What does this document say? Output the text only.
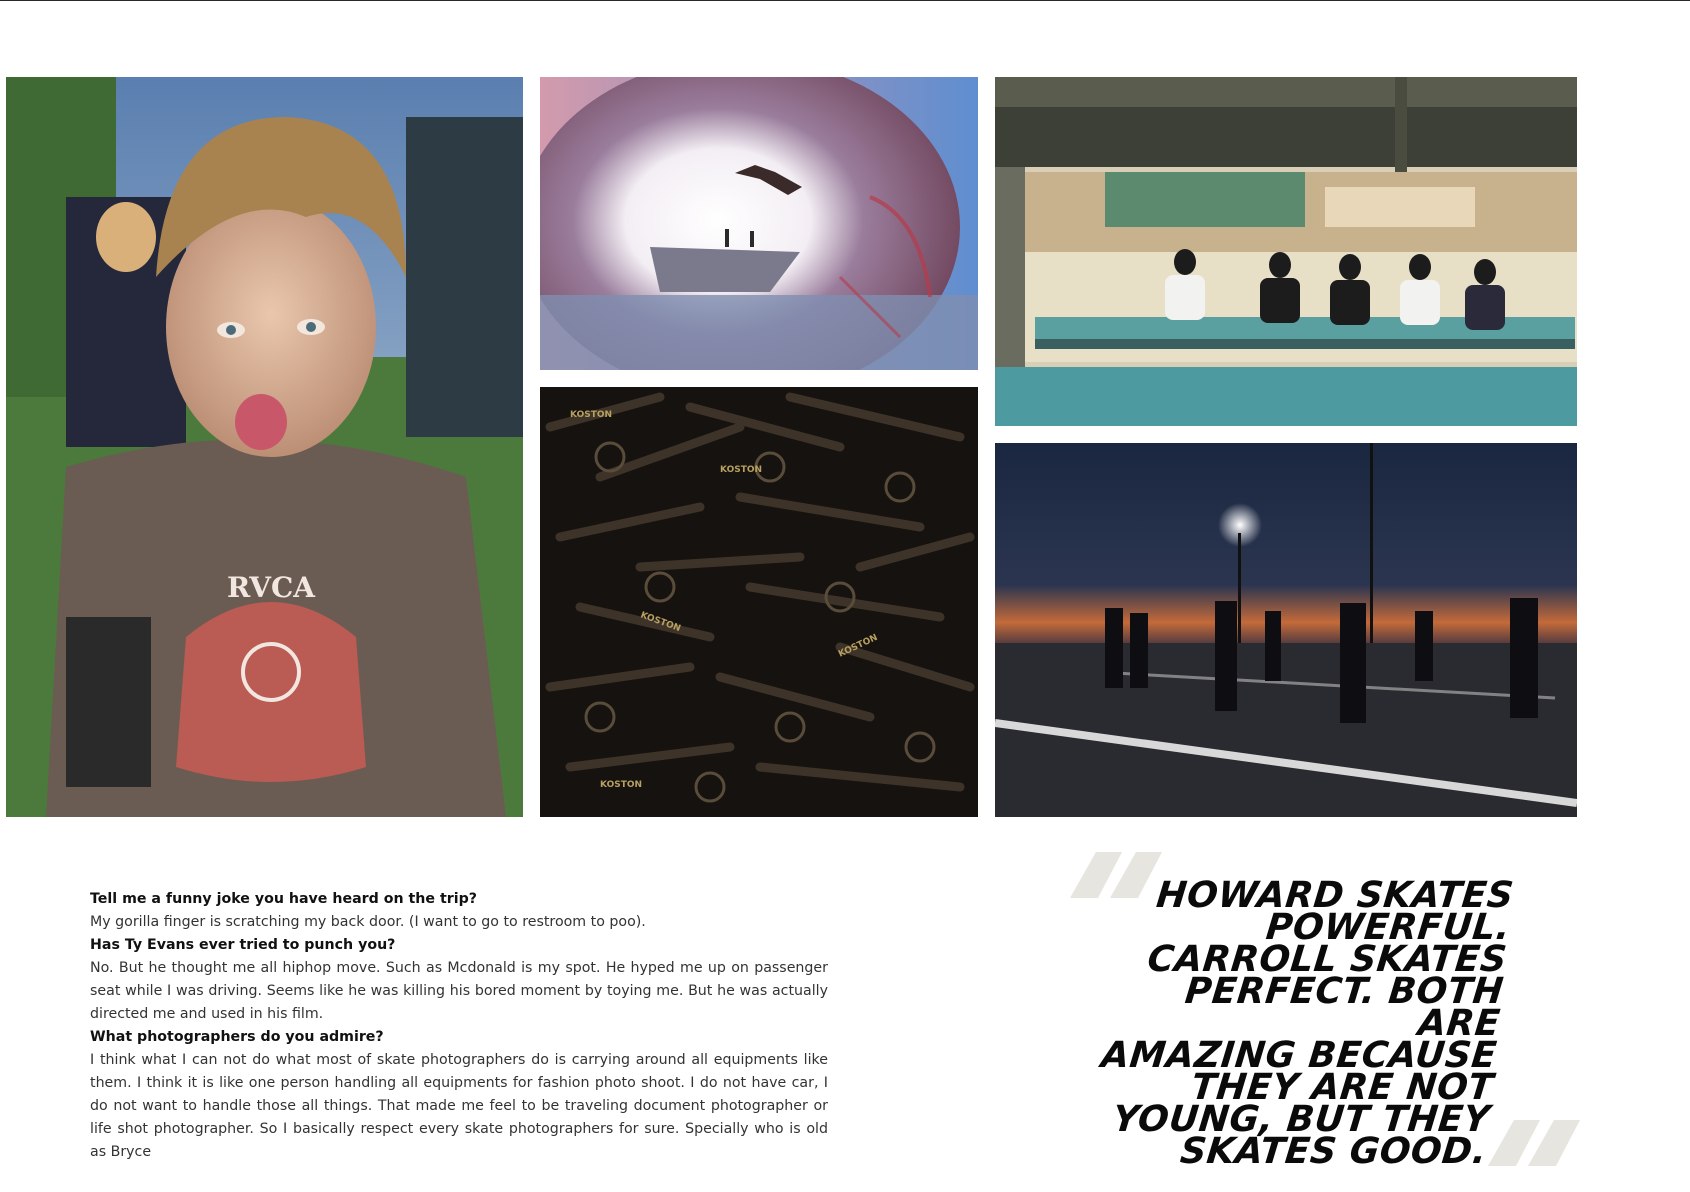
RVCA
KOSTON
KOSTON
KOSTON
KOSTON
KOSTON

Tell me a funny joke you have heard on the trip?

My gorilla finger is scratching my back door. (I want to go to restroom to poo).

Has Ty Evans ever tried to punch you?

No. But he thought me all hiphop move. Such as Mcdonald is my spot. He hyped me up on passenger seat while I was driving. Seems like he was killing his bored moment by toying me. But he was actually directed me and used in his film.

What photographers do you admire?

I think what I can not do what most of skate photographers do is carrying around all equipments like them. I think it is like one person handling all equipments for fashion photo shoot. I do not have car, I do not want to handle those all things. That made me feel to be traveling document photographer or life shot photographer. So I basically respect every skate photographers for sure. Specially who is old as Bryce

HOWARD SKATES
POWERFUL.
CARROLL SKATES
PERFECT. BOTH ARE
AMAZING BECAUSE
THEY ARE NOT
YOUNG, BUT THEY
SKATES GOOD.
